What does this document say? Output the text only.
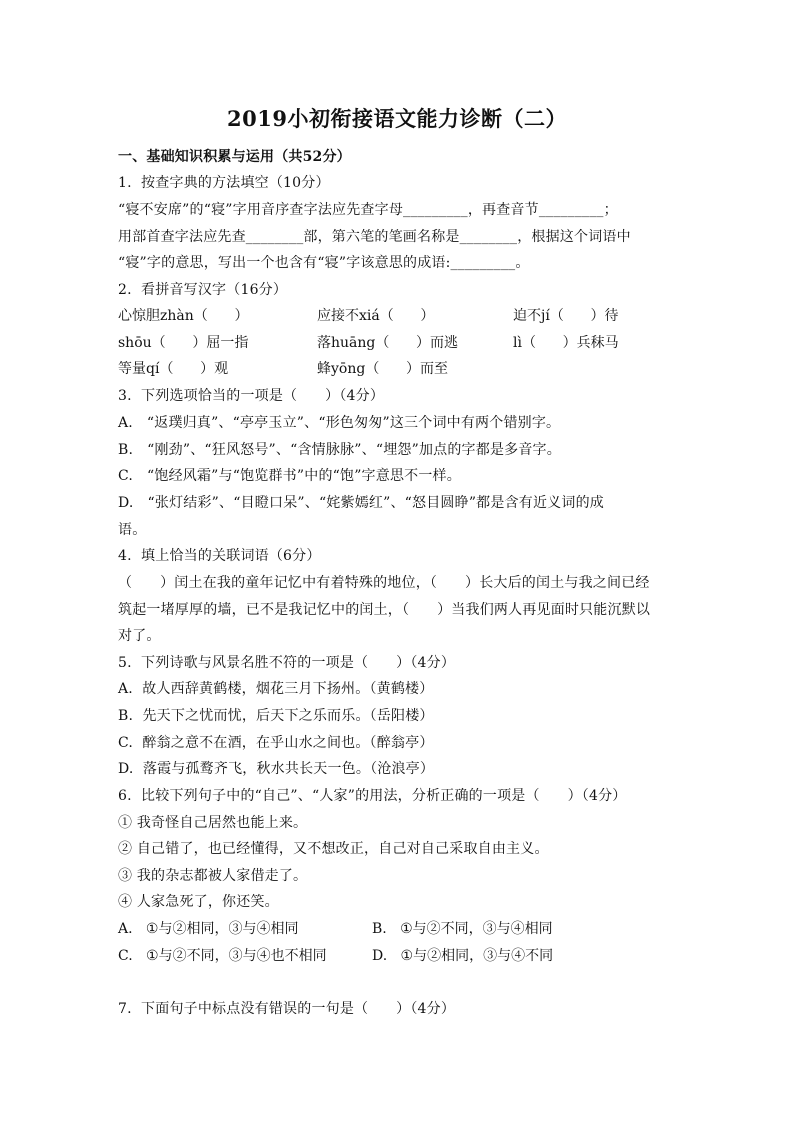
2019小初衔接语文能力诊断（二）
一、基础知识积累与运用（共52分）
1.  按查字典的方法填空（10分）
“寝不安席”的“寝”字用音序查字法应先查字母_________，再查音节_________；
用部首查字法应先查________部，第六笔的笔画名称是________，根据这个词语中
“寝”字的意思，写出一个也含有“寝”字该意思的成语:_________。
2.  看拼音写汉字（16分）
心惊胆zhàn（      ）	应接不xiá（      ）	迫不jí（      ）待
shōu（      ）屈一指	落huāng（      ）而逃	lì（      ）兵秣马
等量qí（      ）观	蜂yōng（      ）而至
3.  下列选项恰当的一项是（      ）（4分）
A.   “返璞归真”、“亭亭玉立”、“形色匆匆”这三个词中有两个错别字。
B.   “刚劲”、“狂风怒号”、“含情脉脉”、“埋怨”加点的字都是多音字。
C.   “饱经风霜”与“饱览群书”中的“饱”字意思不一样。
D.   “张灯结彩”、“目瞪口呆”、“姹紫嫣红”、“怒目圆睁”都是含有近义词的成
语。
4.  填上恰当的关联词语（6分）
（      ）闰土在我的童年记忆中有着特殊的地位，（      ）长大后的闰土与我之间已经
筑起一堵厚厚的墙，已不是我记忆中的闰土，（      ）当我们两人再见面时只能沉默以
对了。
5.  下列诗歌与风景名胜不符的一项是（      ）（4分）
A.  故人西辞黄鹤楼，烟花三月下扬州。（黄鹤楼）
B.  先天下之忧而忧，后天下之乐而乐。（岳阳楼）
C.  醉翁之意不在酒，在乎山水之间也。（醉翁亭）
D.  落霞与孤鹜齐飞，秋水共长天一色。（沧浪亭）
6.  比较下列句子中的“自己”、“人家”的用法，分析正确的一项是（      ）（4分）
① 我奇怪自己居然也能上来。
② 自己错了，也已经懂得，又不想改正，自己对自己采取自由主义。
③ 我的杂志都被人家借走了。
④ 人家急死了，你还笑。
A.   ①与②相同，③与④相同	B.   ①与②不同，③与④相同
C.   ①与②不同，③与④也不相同	D.   ①与②相同，③与④不同
7.  下面句子中标点没有错误的一句是（      ）（4分）
